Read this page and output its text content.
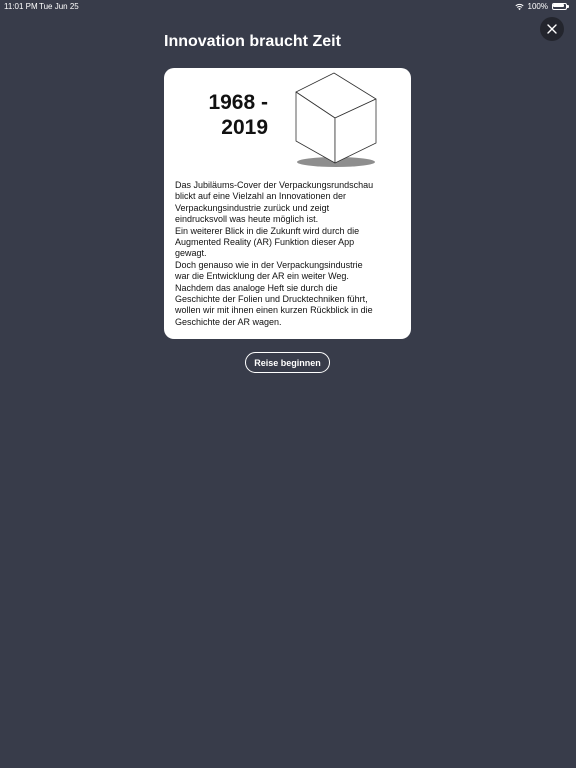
11:01 PM Tue Jun 25	100%
Innovation braucht Zeit
1968 -
2019

Das Jubiläums-Cover der Verpackungsrundschau

blickt auf eine Vielzahl an Innovationen der

Verpackungsindustrie zurück und zeigt

eindrucksvoll was heute möglich ist.

Ein weiterer Blick in die Zukunft wird durch die

Augmented Reality (AR) Funktion dieser App

gewagt.

Doch genauso wie in der Verpackungsindustrie

war die Entwicklung der AR ein weiter Weg.

Nachdem das analoge Heft sie durch die

Geschichte der Folien und Drucktechniken führt,

wollen wir mit ihnen einen kurzen Rückblick in die

Geschichte der AR wagen.

Reise beginnen
